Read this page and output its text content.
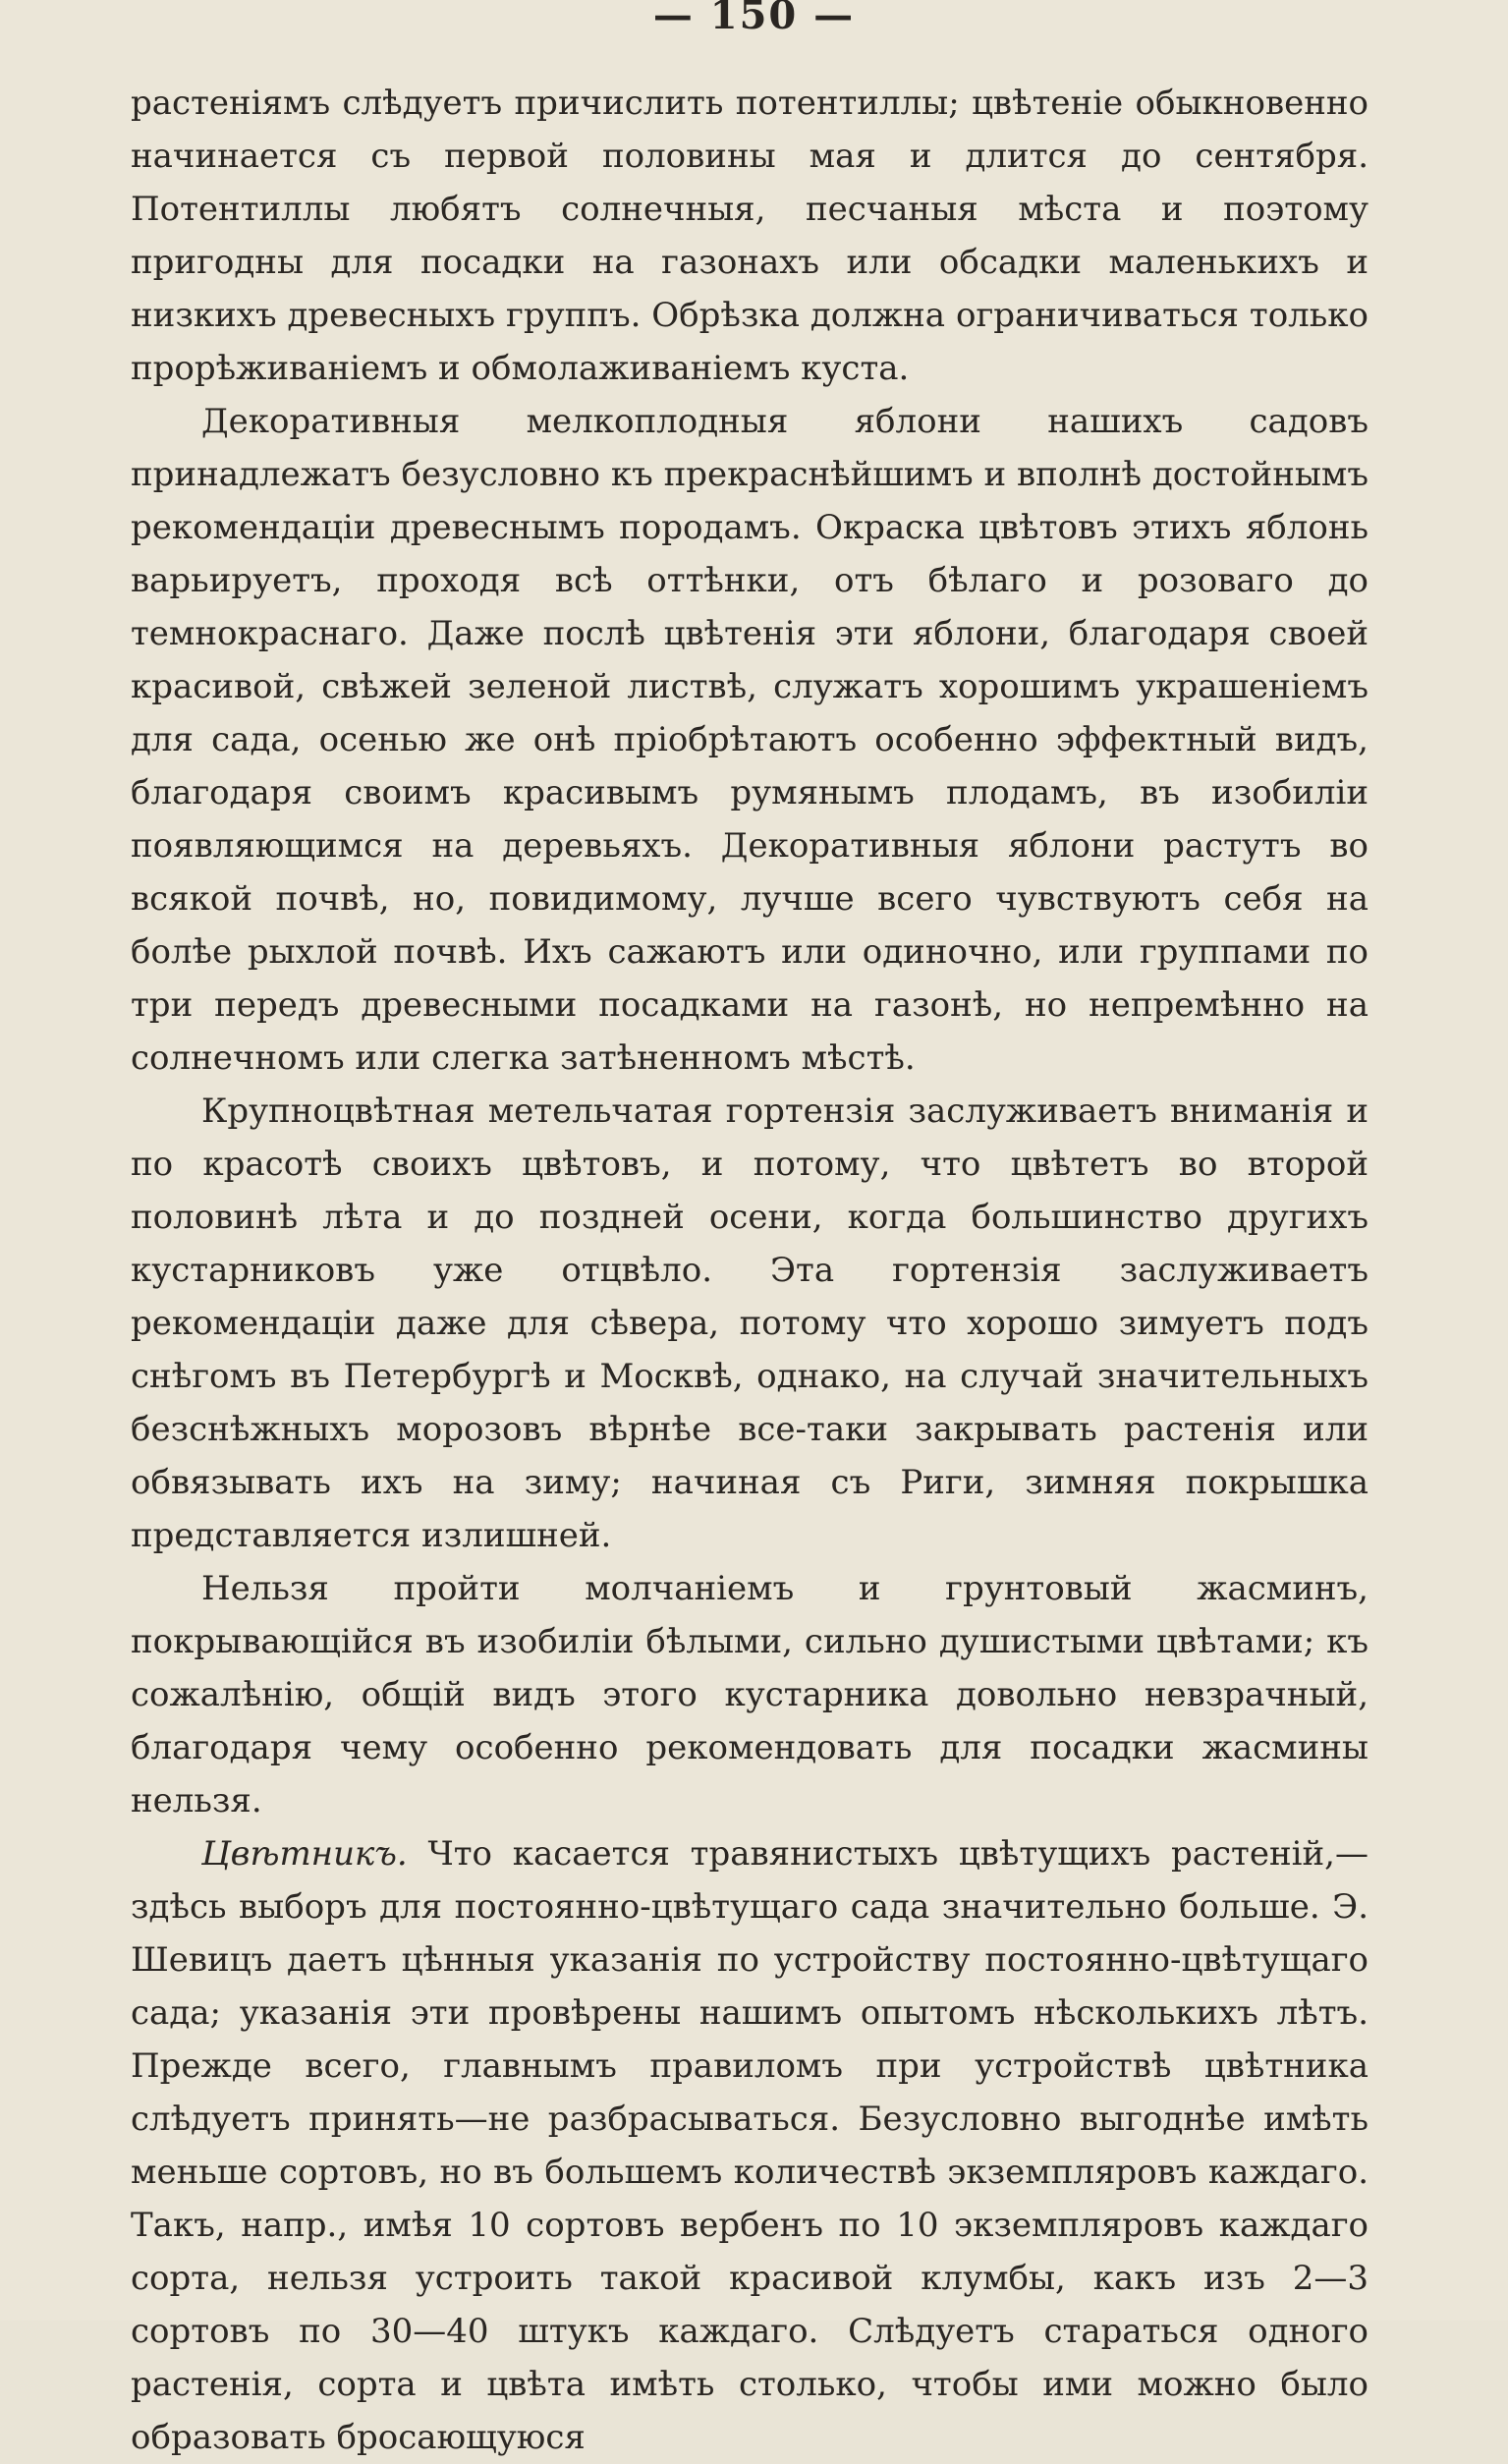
— 150 —

растеніямъ слѣдуетъ причислить потентиллы; цвѣтеніе обыкновенно начинается съ первой половины мая и длится до сентября. Потентиллы любятъ солнечныя, песчаныя мѣста и поэтому пригодны для посадки на газонахъ или обсадки маленькихъ и низкихъ древесныхъ группъ. Обрѣзка должна ограничиваться только прорѣживаніемъ и обмолаживаніемъ куста.

Декоративныя мелкоплодныя яблони нашихъ садовъ принадлежатъ безусловно къ прекраснѣйшимъ и вполнѣ достойнымъ рекомендаціи древеснымъ породамъ. Окраска цвѣтовъ этихъ яблонь варьируетъ, проходя всѣ оттѣнки, отъ бѣлаго и розоваго до темнокраснаго. Даже послѣ цвѣтенія эти яблони, благодаря своей красивой, свѣжей зеленой листвѣ, служатъ хорошимъ украшеніемъ для сада, осенью же онѣ пріобрѣтаютъ особенно эффектный видъ, благодаря своимъ красивымъ румянымъ плодамъ, въ изобиліи появляющимся на деревьяхъ. Декоративныя яблони растутъ во всякой почвѣ, но, повидимому, лучше всего чувствуютъ себя на болѣе рыхлой почвѣ. Ихъ сажаютъ или одиночно, или группами по три передъ древесными посадками на газонѣ, но непремѣнно на солнечномъ или слегка затѣненномъ мѣстѣ.

Крупноцвѣтная метельчатая гортензія заслуживаетъ вниманія и по красотѣ своихъ цвѣтовъ, и потому, что цвѣтетъ во второй половинѣ лѣта и до поздней осени, когда большинство другихъ кустарниковъ уже отцвѣло. Эта гортензія заслуживаетъ рекомендаціи даже для сѣвера, потому что хорошо зимуетъ подъ снѣгомъ въ Петербургѣ и Москвѣ, однако, на случай значительныхъ безснѣжныхъ морозовъ вѣрнѣе все-таки закрывать растенія или обвязывать ихъ на зиму; начиная съ Риги, зимняя покрышка представляется излишней.

Нельзя пройти молчаніемъ и грунтовый жасминъ, покрывающійся въ изобиліи бѣлыми, сильно душистыми цвѣтами; къ сожалѣнію, общій видъ этого кустарника довольно невзрачный, благодаря чему особенно рекомендовать для посадки жасмины нельзя.

Цвѣтникъ. Что касается травянистыхъ цвѣтущихъ растеній,—здѣсь выборъ для постоянно-цвѣтущаго сада значительно больше. Э. Шевицъ даетъ цѣнныя указанія по устройству постоянно-цвѣтущаго сада; указанія эти провѣрены нашимъ опытомъ нѣсколькихъ лѣтъ. Прежде всего, главнымъ правиломъ при устройствѣ цвѣтника слѣдуетъ принять—не разбрасываться. Безусловно выгоднѣе имѣть меньше сортовъ, но въ большемъ количествѣ экземпляровъ каждаго. Такъ, напр., имѣя 10 сортовъ вербенъ по 10 экземпляровъ каждаго сорта, нельзя устроить такой красивой клумбы, какъ изъ 2—3 сортовъ по 30—40 штукъ каждаго. Слѣдуетъ стараться одного растенія, сорта и цвѣта имѣть столько, чтобы ими можно было образовать бросающуюся
